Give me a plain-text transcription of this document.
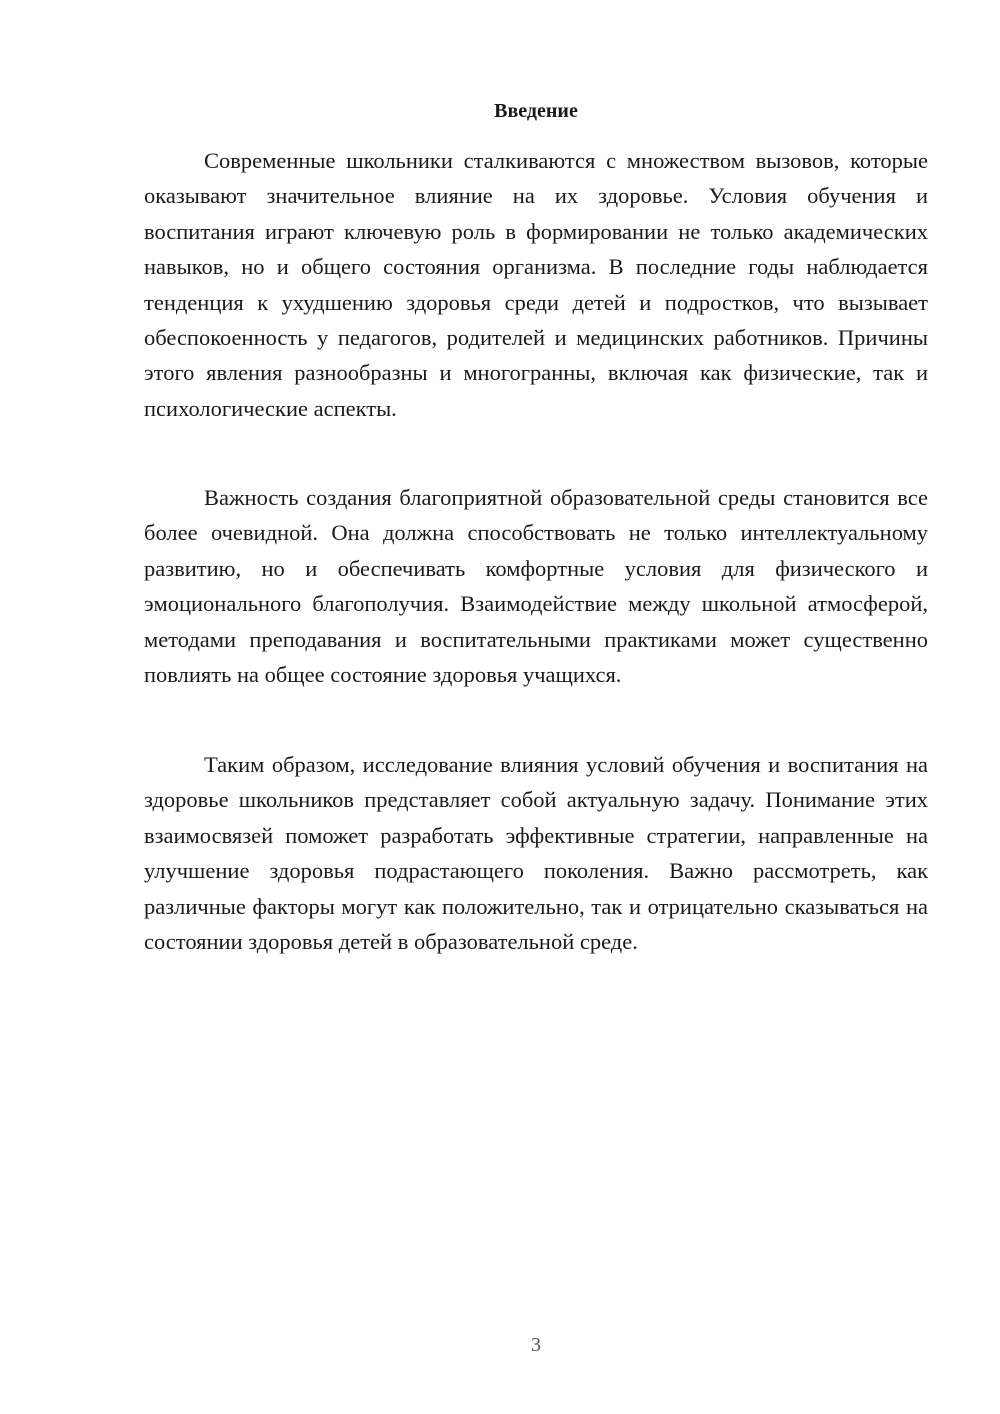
Введение

Современные школьники сталкиваются с множеством вызовов, которые оказывают значительное влияние на их здоровье. Условия обучения и воспитания играют ключевую роль в формировании не только академических навыков, но и общего состояния организма. В последние годы наблюдается тенденция к ухудшению здоровья среди детей и подростков, что вызывает обеспокоенность у педагогов, родителей и медицинских работников. Причины этого явления разнообразны и многогранны, включая как физические, так и психологические аспекты.

Важность создания благоприятной образовательной среды становится все более очевидной. Она должна способствовать не только интеллектуальному развитию, но и обеспечивать комфортные условия для физического и эмоционального благополучия. Взаимодействие между школьной атмосферой, методами преподавания и воспитательными практиками может существенно повлиять на общее состояние здоровья учащихся.

Таким образом, исследование влияния условий обучения и воспитания на здоровье школьников представляет собой актуальную задачу. Понимание этих взаимосвязей поможет разработать эффективные стратегии, направленные на улучшение здоровья подрастающего поколения. Важно рассмотреть, как различные факторы могут как положительно, так и отрицательно сказываться на состоянии здоровья детей в образовательной среде.

3
